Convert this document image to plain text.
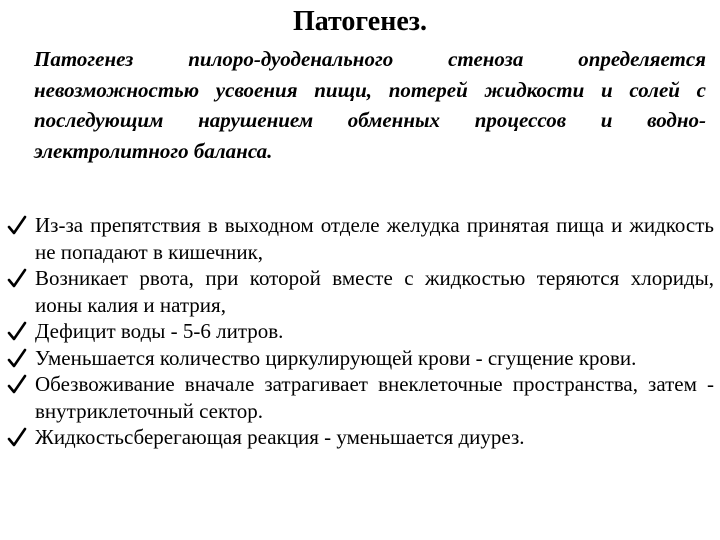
Патогенез.
Патогенез пилоро-дуоденального стеноза определяется невозможностью усвоения пищи, потерей жидкости и солей с последующим нарушением обменных процессов и водно-электролитного баланса.
Из-за препятствия в выходном отделе желудка принятая пища и жидкость не попадают в кишечник,
Возникает рвота, при которой вместе с жидкостью теряются хлориды, ионы калия и натрия,
Дефицит воды - 5-6 литров.
Уменьшается количество циркулирующей крови - сгущение крови.
Обезвоживание вначале затрагивает внеклеточные пространства, затем - внутриклеточный сектор.
Жидкостьсберегающая реакция - уменьшается диурез.
